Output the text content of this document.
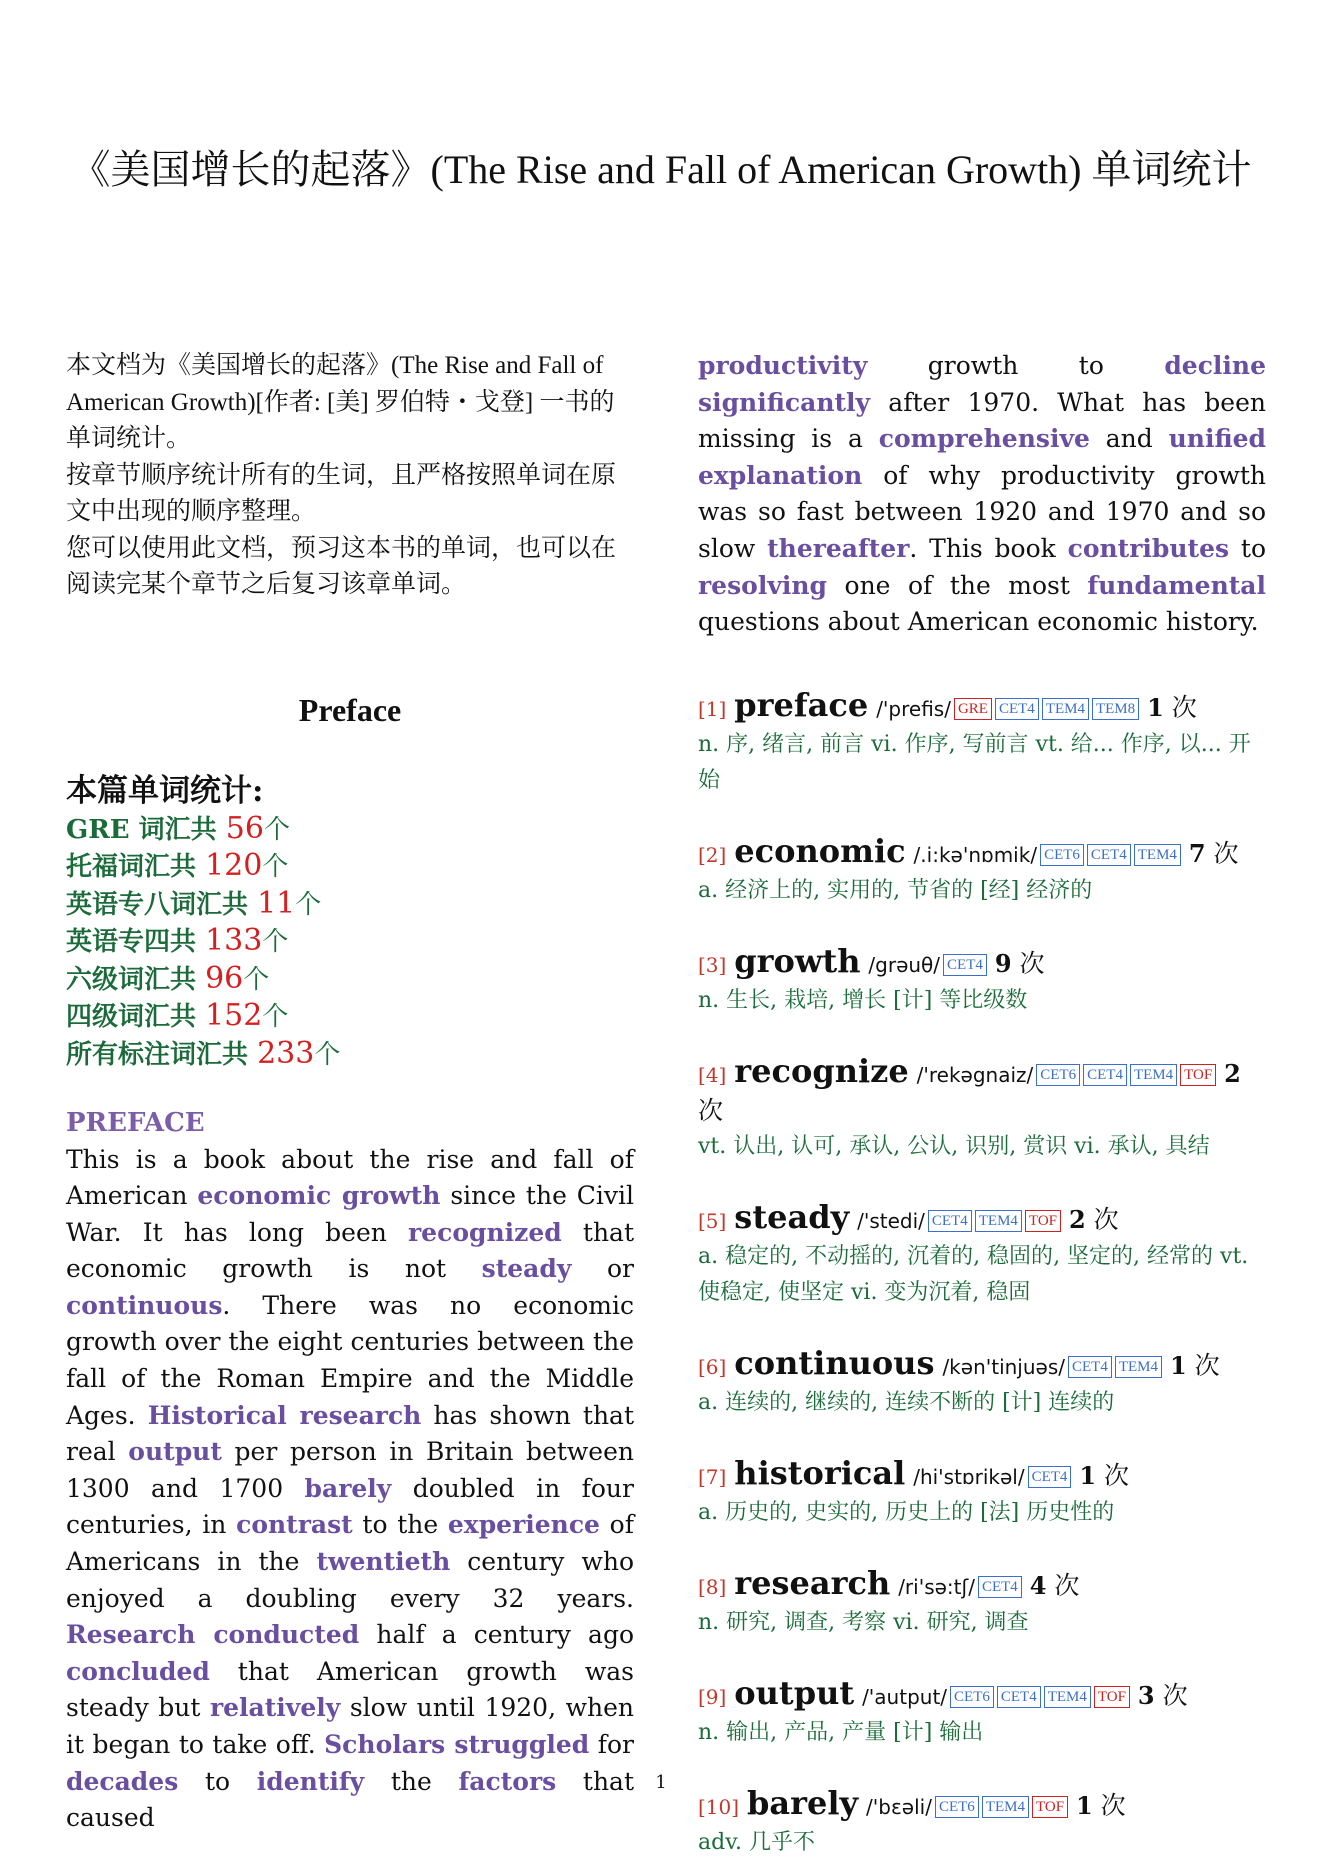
《美国增长的起落》(The Rise and Fall of American Growth) 单词统计

本文档为《美国增长的起落》(The Rise and Fall of American Growth)[作者: [美] 罗伯特・戈登] 一书的单词统计。
按章节顺序统计所有的生词，且严格按照单词在原文中出现的顺序整理。
您可以使用此文档，预习这本书的单词，也可以在阅读完某个章节之后复习该章单词。

Preface
本篇单词统计:
GRE 词汇共 56个
托福词汇共 120个
英语专八词汇共 11个
英语专四共 133个
六级词汇共 96个
四级词汇共 152个
所有标注词汇共 233个
PREFACE

This is a book about the rise and fall of American economic growth since the Civil War. It has long been recognized that economic growth is not steady or continuous. There was no economic growth over the eight centuries between the fall of the Roman Empire and the Middle Ages. Historical research has shown that real output per person in Britain between 1300 and 1700 barely doubled in four centuries, in contrast to the experience of Americans in the twentieth century who enjoyed a doubling every 32 years. Research conducted half a century ago concluded that American growth was steady but relatively slow until 1920, when it began to take off. Scholars struggled for decades to identify the factors that caused

productivity growth to decline significantly after 1970. What has been missing is a comprehensive and unified explanation of why productivity growth was so fast between 1920 and 1970 and so slow thereafter. This book contributes to resolving one of the most fundamental questions about American economic history.

[1] preface /'prefis/ GRE CET4 TEM4 TEM8 1 次
n. 序, 绪言, 前言 vi. 作序, 写前言 vt. 给... 作序, 以... 开始
[2] economic /.i:kə'nɒmik/ CET6 CET4 TEM4 7 次
a. 经济上的, 实用的, 节省的 [经] 经济的
[3] growth /grəuθ/ CET4 9 次
n. 生长, 栽培, 增长 [计] 等比级数
[4] recognize /'rekəgnaiz/ CET6 CET4 TEM4 TOF 2 次
vt. 认出, 认可, 承认, 公认, 识别, 赏识 vi. 承认, 具结
[5] steady /'stedi/ CET4 TEM4 TOF 2 次
a. 稳定的, 不动摇的, 沉着的, 稳固的, 坚定的, 经常的 vt. 使稳定, 使坚定 vi. 变为沉着, 稳固
[6] continuous /kən'tinjuəs/ CET4 TEM4 1 次
a. 连续的, 继续的, 连续不断的 [计] 连续的
[7] historical /hi'stɒrikəl/ CET4 1 次
a. 历史的, 史实的, 历史上的 [法] 历史性的
[8] research /ri'sə:tʃ/ CET4 4 次
n. 研究, 调查, 考察 vi. 研究, 调查
[9] output /'autput/ CET6 CET4 TEM4 TOF 3 次
n. 输出, 产品, 产量 [计] 输出
[10] barely /'bɛəli/ CET6 TEM4 TOF 1 次
adv. 几乎不
1
